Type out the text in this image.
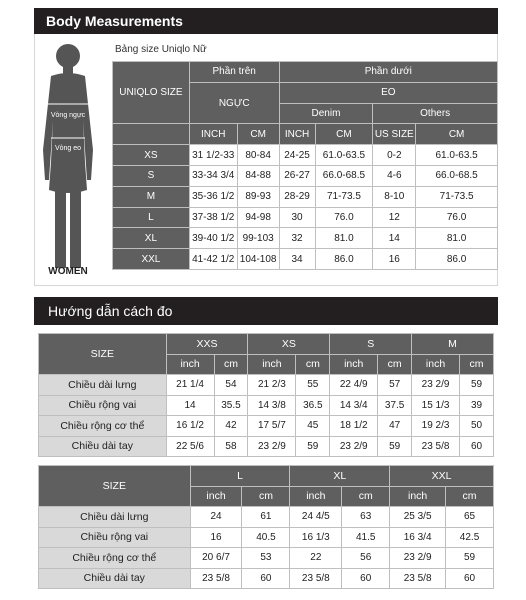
Body Measurements
Bảng size Uniqlo Nữ
Vòng ngực
Vòng eo
WOMEN
UNIQLO SIZE	Phần trên		Phần dưới			
	NGỰC		EO			
			Denim		Others	
	INCH	CM	INCH	CM	US SIZE	CM
XS	31 1/2-33	80-84	24-25	61.0-63.5	0-2	61.0-63.5
S	33-34 3/4	84-88	26-27	66.0-68.5	4-6	66.0-68.5
M	35-36 1/2	89-93	28-29	71-73.5	8-10	71-73.5
L	37-38 1/2	94-98	30	76.0	12	76.0
XL	39-40 1/2	99-103	32	81.0	14	81.0
XXL	41-42 1/2	104-108	34	86.0	16	86.0
Hướng dẫn cách đo
SIZE	XXS		XS		S		M	
	inch	cm	inch	cm	inch	cm	inch	cm
Chiều dài lưng	21 1/4	54	21 2/3	55	22 4/9	57	23 2/9	59
Chiều rộng vai	14	35.5	14 3/8	36.5	14 3/4	37.5	15 1/3	39
Chiều rộng cơ thể	16 1/2	42	17 5/7	45	18 1/2	47	19 2/3	50
Chiều dài tay	22 5/6	58	23 2/9	59	23 2/9	59	23 5/8	60
SIZE	L		XL		XXL	
	inch	cm	inch	cm	inch	cm
Chiều dài lưng	24	61	24 4/5	63	25 3/5	65
Chiều rộng vai	16	40.5	16 1/3	41.5	16 3/4	42.5
Chiều rộng cơ thể	20 6/7	53	22	56	23 2/9	59
Chiều dài tay	23 5/8	60	23 5/8	60	23 5/8	60
